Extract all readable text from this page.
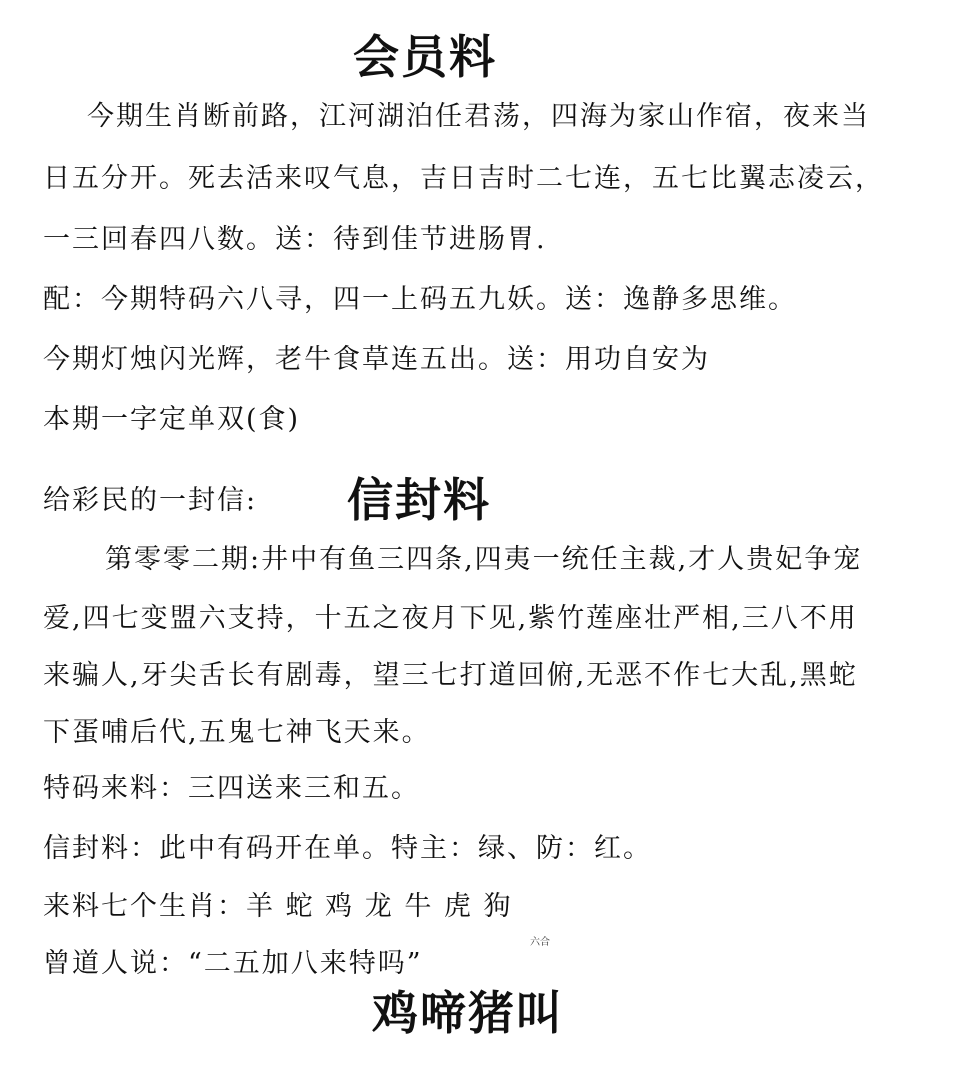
会员料
今期生肖断前路，江河湖泊任君荡，四海为家山作宿，夜来当
日五分开。死去活来叹气息，吉日吉时二七连，五七比翼志凌云，
一三回春四八数。送：待到佳节进肠胃.
配：今期特码六八寻，四一上码五九妖。送：逸静多思维。
今期灯烛闪光辉，老牛食草连五出。送：用功自安为
本期一字定单双(食)
给彩民的一封信: 信封料
第零零二期:井中有鱼三四条,四夷一统任主裁,才人贵妃争宠
爱,四七变盟六支持，十五之夜月下见,紫竹莲座壮严相,三八不用
来骗人,牙尖舌长有剧毒，望三七打道回俯,无恶不作七大乱,黑蛇
下蛋哺后代,五鬼七神飞天来。
特码来料：三四送来三和五。
信封料：此中有码开在单。特主：绿、防：红。
来料七个生肖：羊 蛇 鸡 龙 牛 虎 狗
六合
曾道人说：“二五加八来特吗”
鸡啼猪叫
